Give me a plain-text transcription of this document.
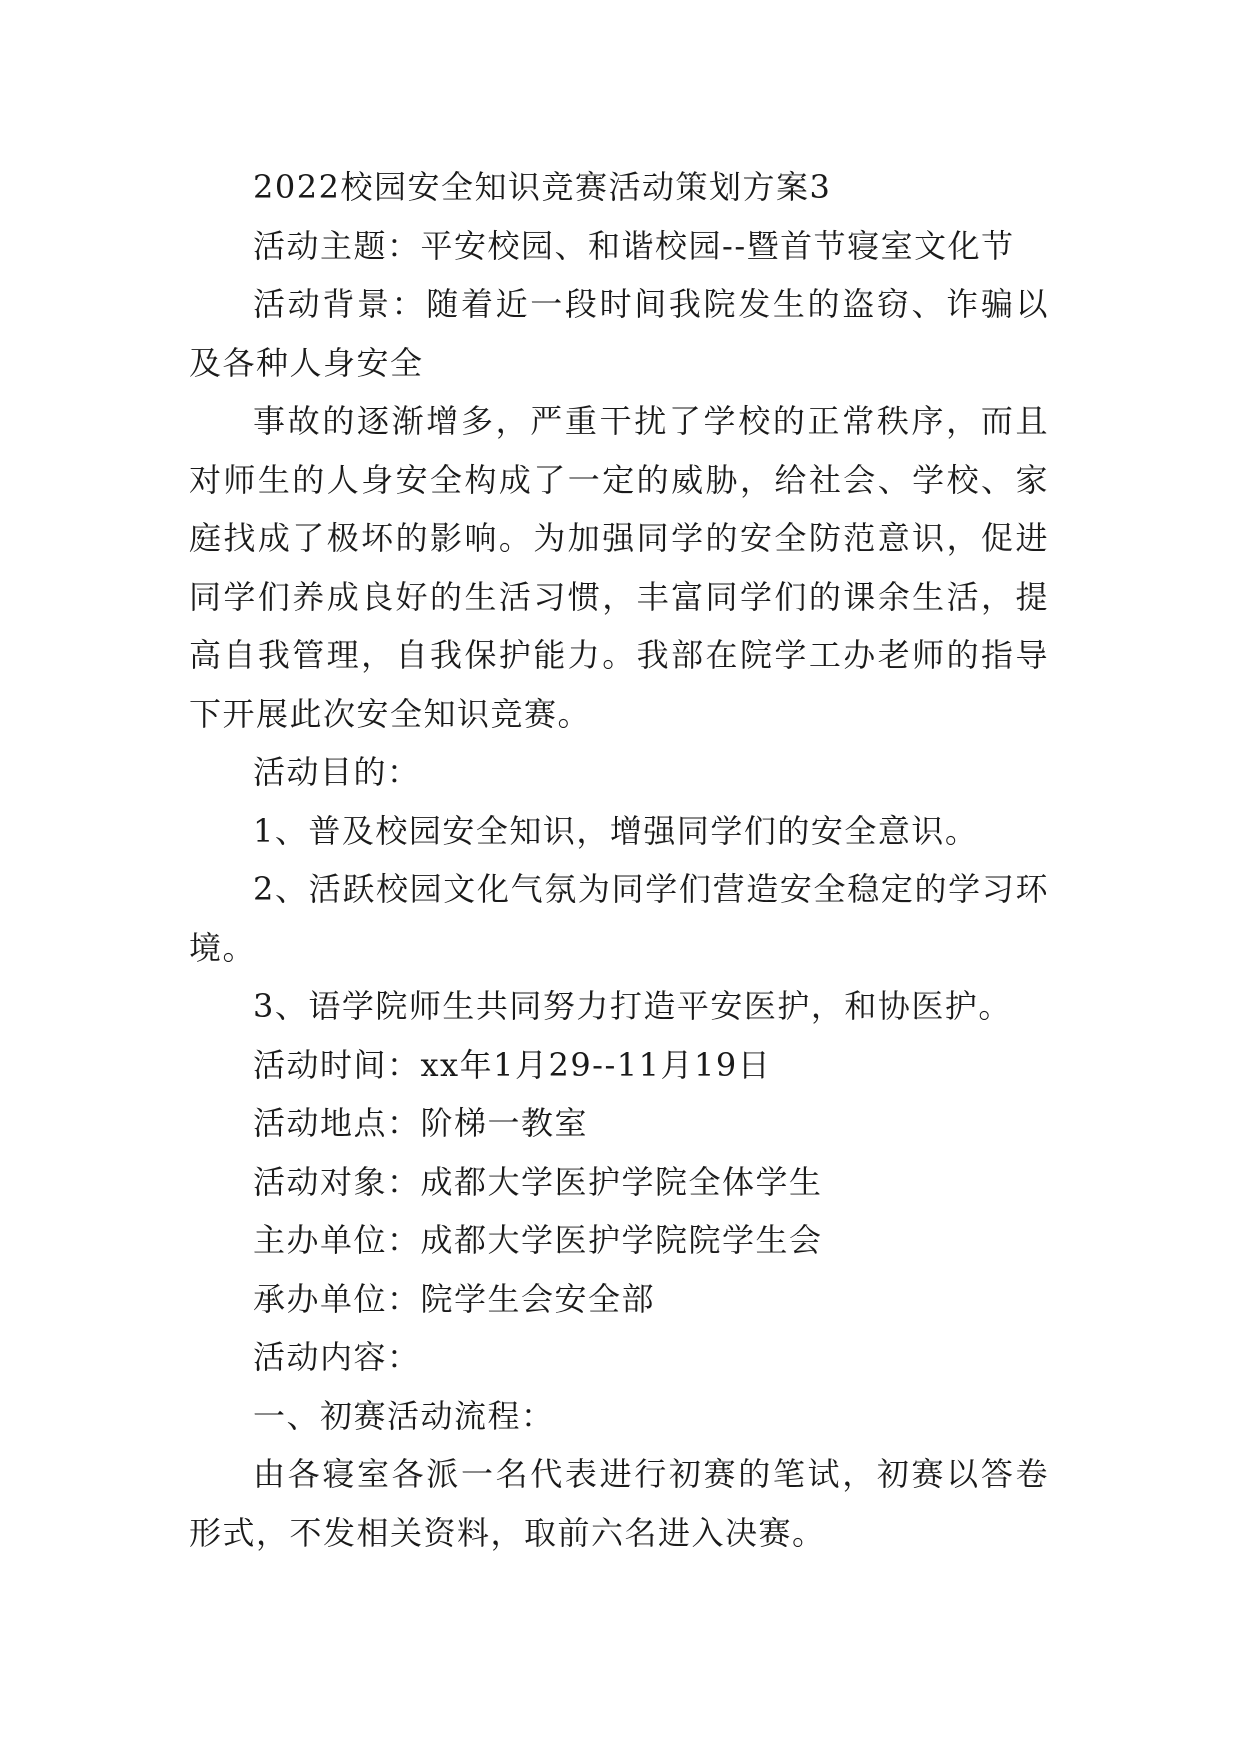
2022校园安全知识竞赛活动策划方案3

活动主题：平安校园、和谐校园--暨首节寝室文化节

活动背景：随着近一段时间我院发生的盗窃、诈骗以及各种人身安全

事故的逐渐增多，严重干扰了学校的正常秩序，而且对师生的人身安全构成了一定的威胁，给社会、学校、家庭找成了极坏的影响。为加强同学的安全防范意识，促进同学们养成良好的生活习惯，丰富同学们的课余生活，提高自我管理，自我保护能力。我部在院学工办老师的指导下开展此次安全知识竞赛。

活动目的：

1、普及校园安全知识，增强同学们的安全意识。

2、活跃校园文化气氛为同学们营造安全稳定的学习环境。

3、语学院师生共同努力打造平安医护，和协医护。

活动时间：xx年1月29--11月19日

活动地点：阶梯一教室

活动对象：成都大学医护学院全体学生

主办单位：成都大学医护学院院学生会

承办单位：院学生会安全部

活动内容：

一、初赛活动流程：

由各寝室各派一名代表进行初赛的笔试，初赛以答卷形式，不发相关资料，取前六名进入决赛。
